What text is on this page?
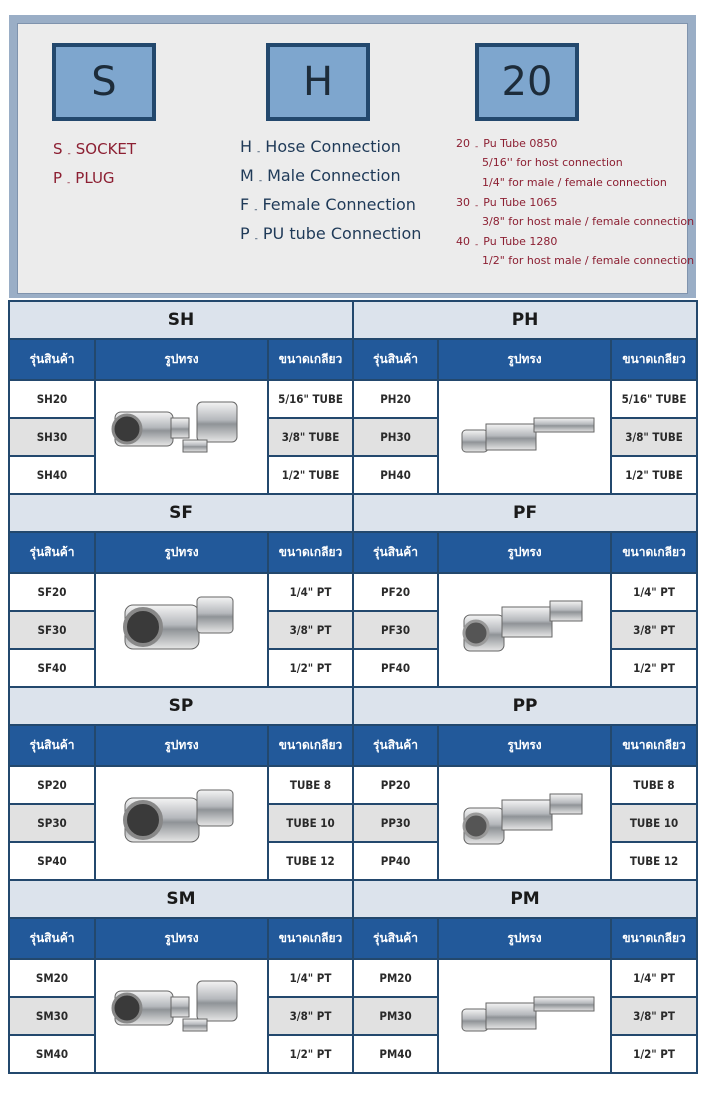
S	H	20
S - SOCKET
P - PLUG
H - Hose Connection
M - Male Connection
F - Female Connection
P - PU tube Connection
20 - Pu Tube 0850
5/16'' for host connection
1/4" for male / female connection
30 - Pu Tube 1065
3/8" for host male / female connection
40 - Pu Tube 1280
1/2" for host male / female connection
SH			PH		
รุ่นสินค้า	รูปทรง	ขนาดเกลียว	รุ่นสินค้า	รูปทรง	ขนาดเกลียว
SH20		5/16" TUBE	PH20		5/16" TUBE
SH30		3/8" TUBE	PH30		3/8" TUBE
SH40		1/2" TUBE	PH40		1/2" TUBE
SF			PF		
รุ่นสินค้า	รูปทรง	ขนาดเกลียว	รุ่นสินค้า	รูปทรง	ขนาดเกลียว
SF20		1/4" PT	PF20		1/4" PT
SF30		3/8" PT	PF30		3/8" PT
SF40		1/2" PT	PF40		1/2" PT
SP			PP		
รุ่นสินค้า	รูปทรง	ขนาดเกลียว	รุ่นสินค้า	รูปทรง	ขนาดเกลียว
SP20		TUBE 8	PP20		TUBE 8
SP30		TUBE 10	PP30		TUBE 10
SP40		TUBE 12	PP40		TUBE 12
SM			PM		
รุ่นสินค้า	รูปทรง	ขนาดเกลียว	รุ่นสินค้า	รูปทรง	ขนาดเกลียว
SM20		1/4" PT	PM20		1/4" PT
SM30		3/8" PT	PM30		3/8" PT
SM40		1/2" PT	PM40		1/2" PT
